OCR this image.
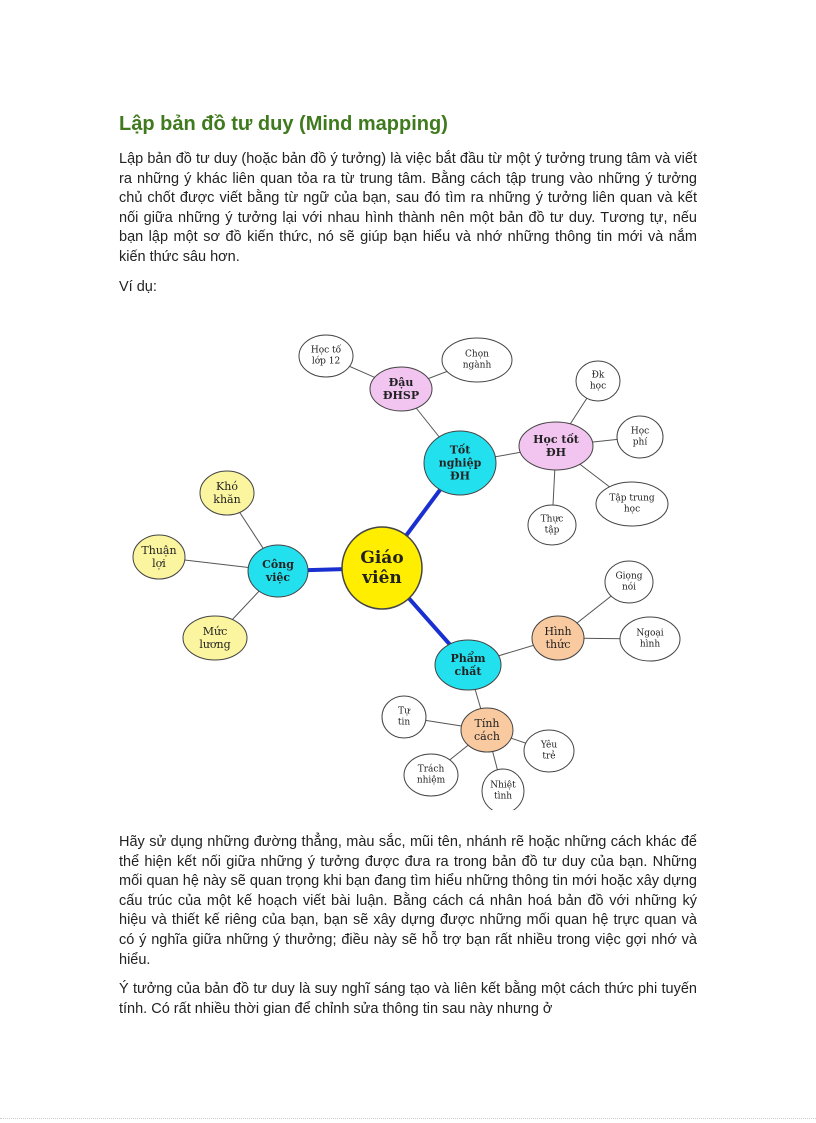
Lập bản đồ tư duy (Mind mapping)

Lập bản đồ tư duy (hoặc bản đồ ý tưởng) là việc bắt đầu từ một ý tưởng trung tâm và viết ra những ý khác liên quan tỏa ra từ trung tâm. Bằng cách tập trung vào những ý tưởng chủ chốt được viết bằng từ ngữ của bạn, sau đó tìm ra những ý tưởng liên quan và kết nối giữa những ý tưởng lại với nhau hình thành nên một bản đồ tư duy. Tương tự, nếu bạn lập một sơ đồ kiến thức, nó sẽ giúp bạn hiểu và nhớ những thông tin mới và nắm kiến thức sâu hơn.

Ví dụ:

Giáo
viên
Tốt
nghiệp
ĐH
Công
việc
Phẩm
chất
Đậu
ĐHSP
Học tốt
ĐH
Học tố
lớp 12
Chọn
ngành
Đk
học
Học
phí
Tập trung
học
Thực
tập
Khó
khăn
Thuận
lợi
Mức
lương
Hình
thức
Giọng
nói
Ngoại
hình
Tính
cách
Tự
tin
Yêu
trẻ
Trách
nhiệm
Nhiệt
tình

Hãy sử dụng những đường thẳng, màu sắc, mũi tên, nhánh rẽ hoặc những cách khác để thể hiện kết nối giữa những ý tưởng được đưa ra trong bản đồ tư duy của bạn. Những mối quan hệ này sẽ quan trọng khi bạn đang tìm hiểu những thông tin mới hoặc xây dựng cấu trúc của một kế hoạch viết bài luận. Bằng cách cá nhân hoá bản đồ với những ký hiệu và thiết kế riêng của bạn, bạn sẽ xây dựng được những mối quan hệ trực quan và có ý nghĩa giữa những ý thưởng; điều này sẽ hỗ trợ bạn rất nhiều trong việc gợi nhớ và hiểu.

Ý tưởng của bản đồ tư duy là suy nghĩ sáng tạo và liên kết bằng một cách thức phi tuyến tính. Có rất nhiều thời gian để chỉnh sửa thông tin sau này nhưng ở
